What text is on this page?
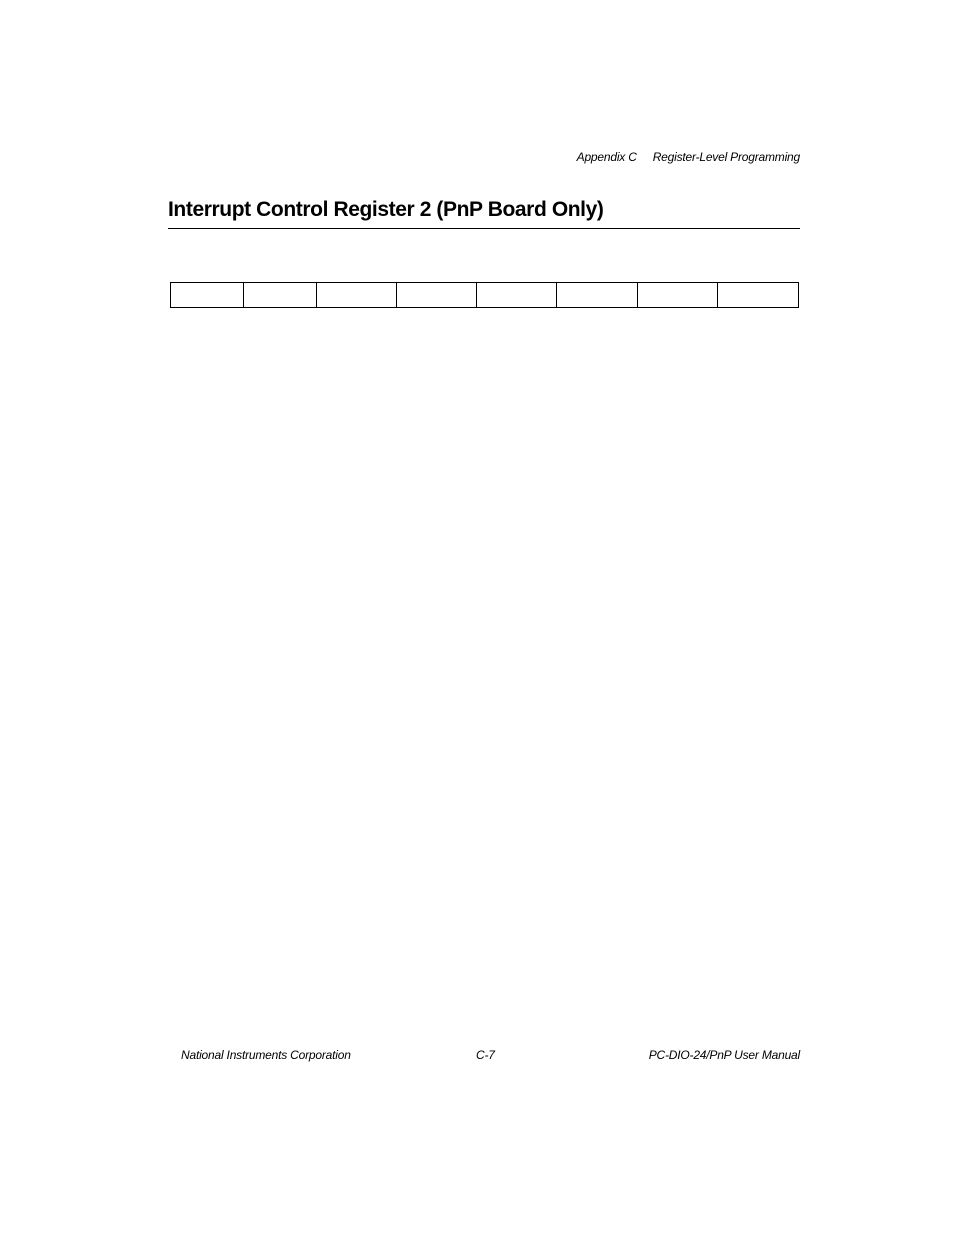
Appendix C Register-Level Programming
Interrupt Control Register 2 (PnP Board Only)

National Instruments Corporation	C-7	PC-DIO-24/PnP User Manual
